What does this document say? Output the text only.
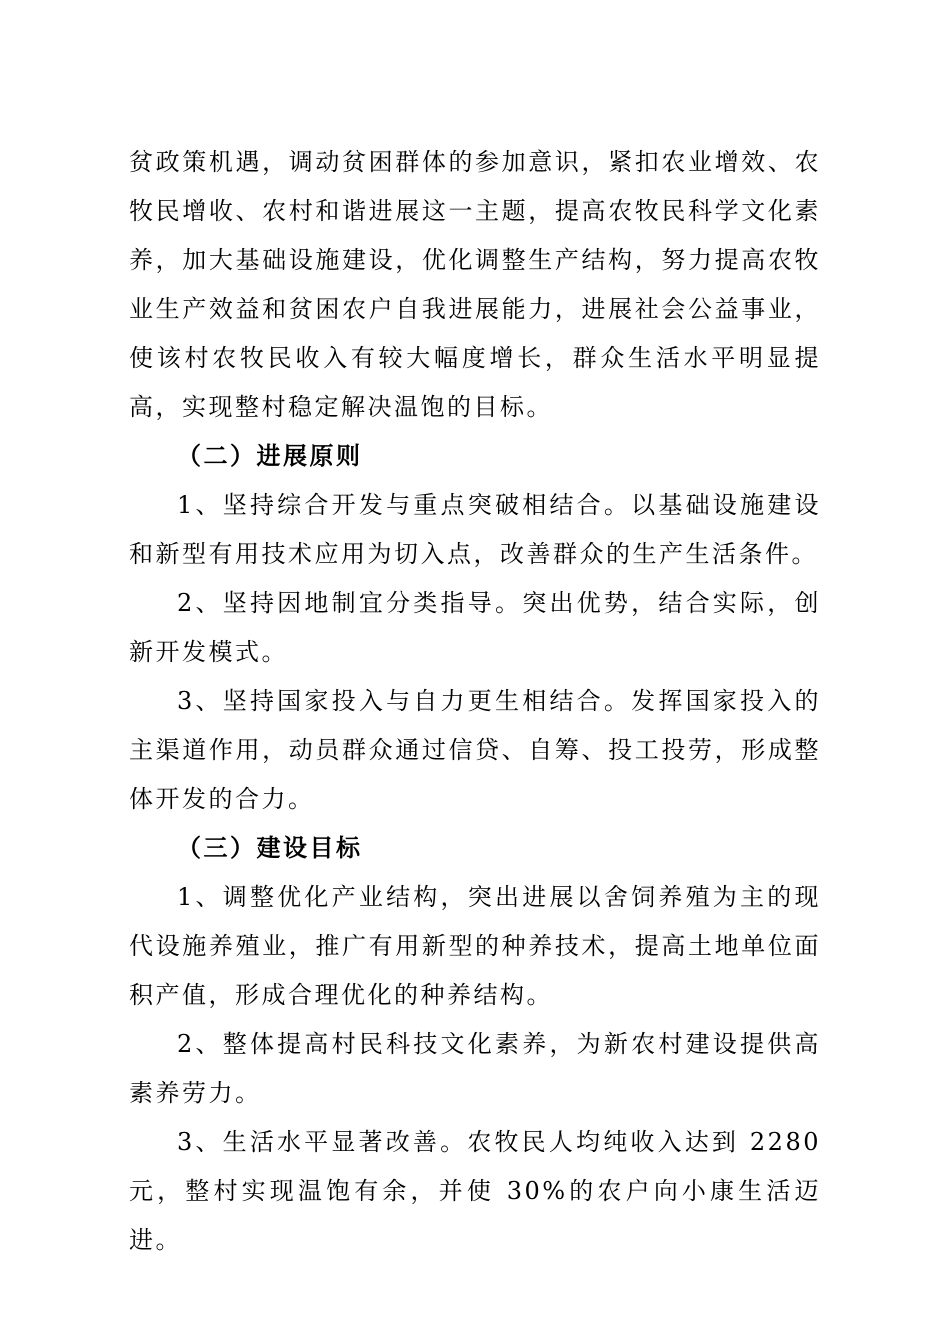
贫政策机遇，调动贫困群体的参加意识，紧扣农业增效、农牧民增收、农村和谐进展这一主题，提高农牧民科学文化素养，加大基础设施建设，优化调整生产结构，努力提高农牧业生产效益和贫困农户自我进展能力，进展社会公益事业，使该村农牧民收入有较大幅度增长，群众生活水平明显提高，实现整村稳定解决温饱的目标。

（二）进展原则

1、坚持综合开发与重点突破相结合。以基础设施建设和新型有用技术应用为切入点，改善群众的生产生活条件。

2、坚持因地制宜分类指导。突出优势，结合实际，创新开发模式。

3、坚持国家投入与自力更生相结合。发挥国家投入的主渠道作用，动员群众通过信贷、自筹、投工投劳，形成整体开发的合力。

（三）建设目标

1、调整优化产业结构，突出进展以舍饲养殖为主的现代设施养殖业，推广有用新型的种养技术，提高土地单位面积产值，形成合理优化的种养结构。

2、整体提高村民科技文化素养，为新农村建设提供高素养劳力。

3、生活水平显著改善。农牧民人均纯收入达到 2280 元，整村实现温饱有余，并使 30%的农户向小康生活迈进。
